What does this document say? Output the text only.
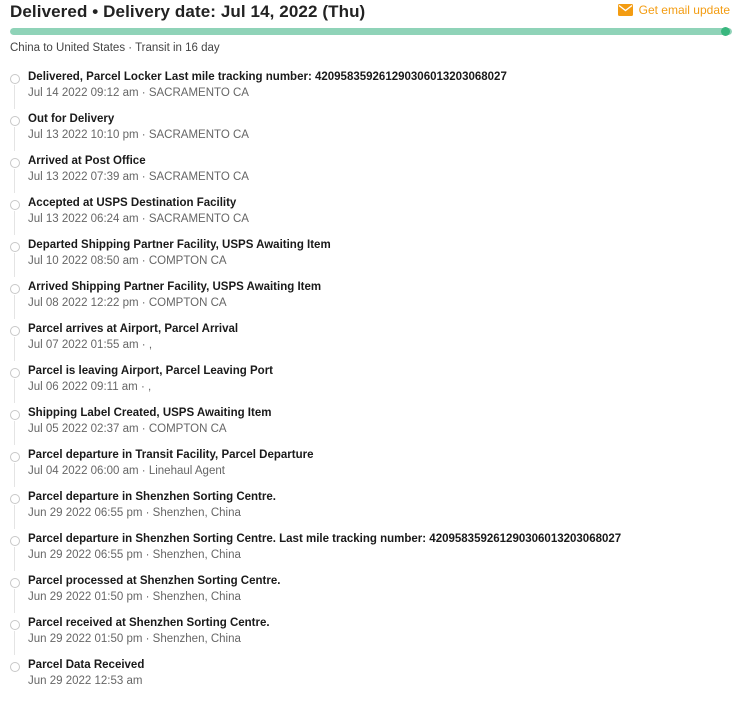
Delivered • Delivery date: Jul 14, 2022 (Thu)	Get email update
China to United States · Transit in 16 day
Delivered, Parcel Locker Last mile tracking number: 420958359261290306013203068027
Jul 14 2022 09:12 am · SACRAMENTO CA
Out for Delivery
Jul 13 2022 10:10 pm · SACRAMENTO CA
Arrived at Post Office
Jul 13 2022 07:39 am · SACRAMENTO CA
Accepted at USPS Destination Facility
Jul 13 2022 06:24 am · SACRAMENTO CA
Departed Shipping Partner Facility, USPS Awaiting Item
Jul 10 2022 08:50 am · COMPTON CA
Arrived Shipping Partner Facility, USPS Awaiting Item
Jul 08 2022 12:22 pm · COMPTON CA
Parcel arrives at Airport, Parcel Arrival
Jul 07 2022 01:55 am · ,
Parcel is leaving Airport, Parcel Leaving Port
Jul 06 2022 09:11 am · ,
Shipping Label Created, USPS Awaiting Item
Jul 05 2022 02:37 am · COMPTON CA
Parcel departure in Transit Facility, Parcel Departure
Jul 04 2022 06:00 am · Linehaul Agent
Parcel departure in Shenzhen Sorting Centre.
Jun 29 2022 06:55 pm · Shenzhen, China
Parcel departure in Shenzhen Sorting Centre. Last mile tracking number: 420958359261290306013203068027
Jun 29 2022 06:55 pm · Shenzhen, China
Parcel processed at Shenzhen Sorting Centre.
Jun 29 2022 01:50 pm · Shenzhen, China
Parcel received at Shenzhen Sorting Centre.
Jun 29 2022 01:50 pm · Shenzhen, China
Parcel Data Received
Jun 29 2022 12:53 am
